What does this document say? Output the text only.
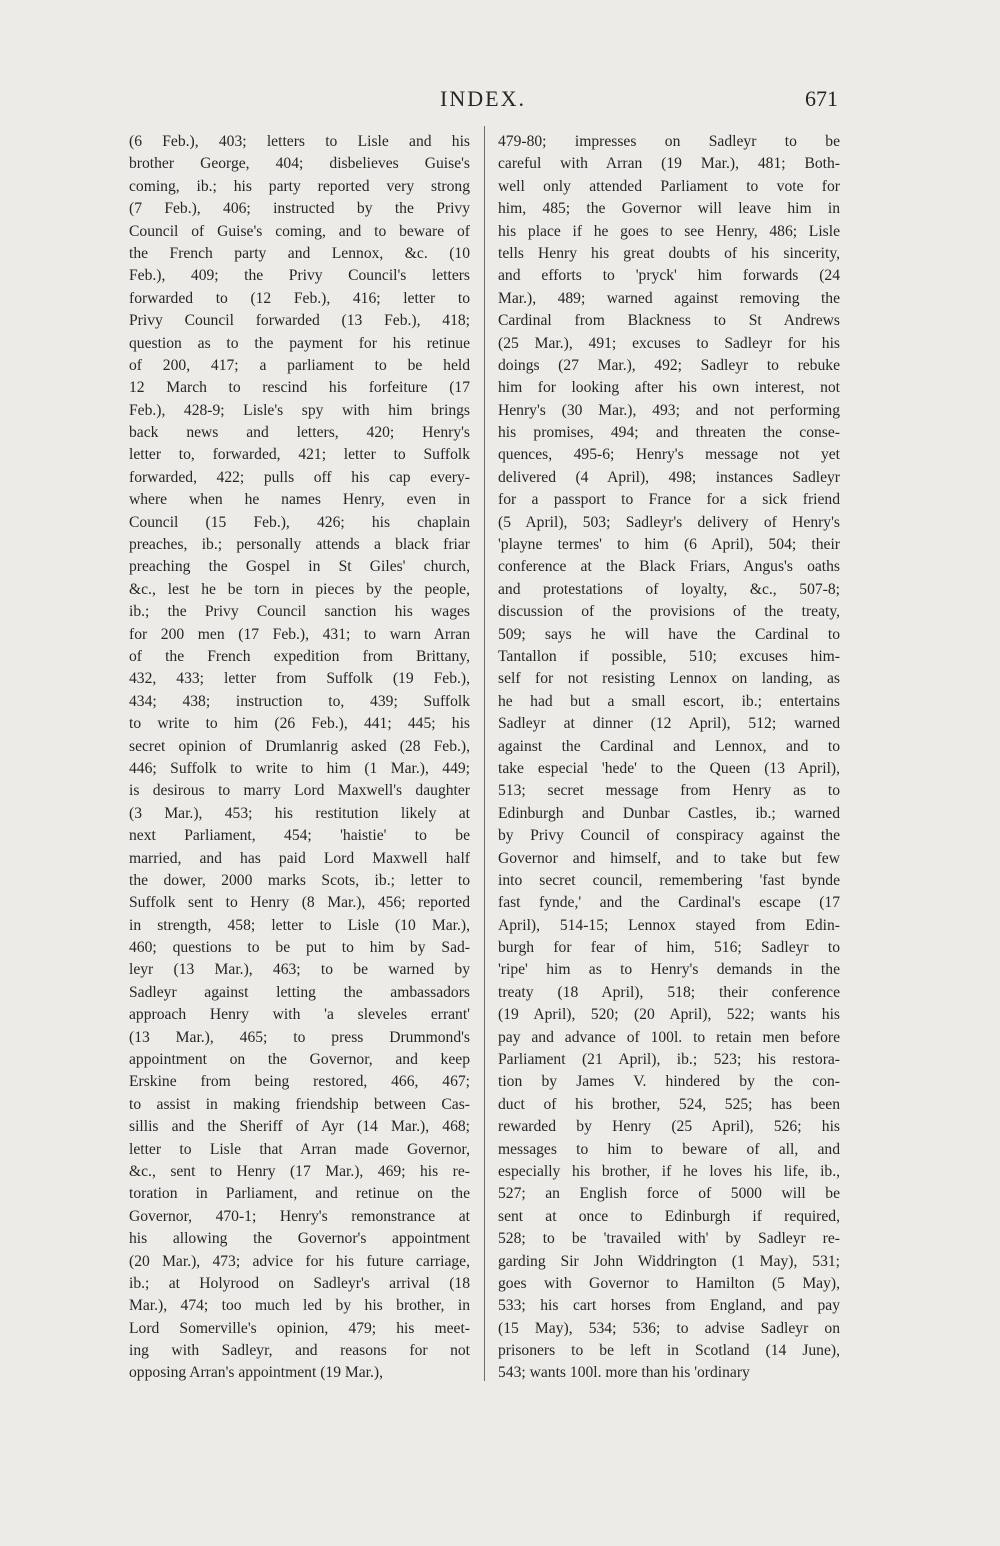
INDEX.	671
(6 Feb.), 403; letters to Lisle and his
brother George, 404; disbelieves Guise's
coming, ib.; his party reported very strong
(7 Feb.), 406; instructed by the Privy
Council of Guise's coming, and to beware of
the French party and Lennox, &c. (10
Feb.), 409; the Privy Council's letters
forwarded to (12 Feb.), 416; letter to
Privy Council forwarded (13 Feb.), 418;
question as to the payment for his retinue
of 200, 417; a parliament to be held
12 March to rescind his forfeiture (17
Feb.), 428-9; Lisle's spy with him brings
back news and letters, 420; Henry's
letter to, forwarded, 421; letter to Suffolk
forwarded, 422; pulls off his cap every-
where when he names Henry, even in
Council (15 Feb.), 426; his chaplain
preaches, ib.; personally attends a black friar
preaching the Gospel in St Giles' church,
&c., lest he be torn in pieces by the people,
ib.; the Privy Council sanction his wages
for 200 men (17 Feb.), 431; to warn Arran
of the French expedition from Brittany,
432, 433; letter from Suffolk (19 Feb.),
434; 438; instruction to, 439; Suffolk
to write to him (26 Feb.), 441; 445; his
secret opinion of Drumlanrig asked (28 Feb.),
446; Suffolk to write to him (1 Mar.), 449;
is desirous to marry Lord Maxwell's daughter
(3 Mar.), 453; his restitution likely at
next Parliament, 454; 'haistie' to be
married, and has paid Lord Maxwell half
the dower, 2000 marks Scots, ib.; letter to
Suffolk sent to Henry (8 Mar.), 456; reported
in strength, 458; letter to Lisle (10 Mar.),
460; questions to be put to him by Sad-
leyr (13 Mar.), 463; to be warned by
Sadleyr against letting the ambassadors
approach Henry with 'a sleveles errant'
(13 Mar.), 465; to press Drummond's
appointment on the Governor, and keep
Erskine from being restored, 466, 467;
to assist in making friendship between Cas-
sillis and the Sheriff of Ayr (14 Mar.), 468;
letter to Lisle that Arran made Governor,
&c., sent to Henry (17 Mar.), 469; his re-
toration in Parliament, and retinue on the
Governor, 470-1; Henry's remonstrance at
his allowing the Governor's appointment
(20 Mar.), 473; advice for his future carriage,
ib.; at Holyrood on Sadleyr's arrival (18
Mar.), 474; too much led by his brother, in
Lord Somerville's opinion, 479; his meet-
ing with Sadleyr, and reasons for not
opposing Arran's appointment (19 Mar.),
479-80; impresses on Sadleyr to be
careful with Arran (19 Mar.), 481; Both-
well only attended Parliament to vote for
him, 485; the Governor will leave him in
his place if he goes to see Henry, 486; Lisle
tells Henry his great doubts of his sincerity,
and efforts to 'pryck' him forwards (24
Mar.), 489; warned against removing the
Cardinal from Blackness to St Andrews
(25 Mar.), 491; excuses to Sadleyr for his
doings (27 Mar.), 492; Sadleyr to rebuke
him for looking after his own interest, not
Henry's (30 Mar.), 493; and not performing
his promises, 494; and threaten the conse-
quences, 495-6; Henry's message not yet
delivered (4 April), 498; instances Sadleyr
for a passport to France for a sick friend
(5 April), 503; Sadleyr's delivery of Henry's
'playne termes' to him (6 April), 504; their
conference at the Black Friars, Angus's oaths
and protestations of loyalty, &c., 507-8;
discussion of the provisions of the treaty,
509; says he will have the Cardinal to
Tantallon if possible, 510; excuses him-
self for not resisting Lennox on landing, as
he had but a small escort, ib.; entertains
Sadleyr at dinner (12 April), 512; warned
against the Cardinal and Lennox, and to
take especial 'hede' to the Queen (13 April),
513; secret message from Henry as to
Edinburgh and Dunbar Castles, ib.; warned
by Privy Council of conspiracy against the
Governor and himself, and to take but few
into secret council, remembering 'fast bynde
fast fynde,' and the Cardinal's escape (17
April), 514-15; Lennox stayed from Edin-
burgh for fear of him, 516; Sadleyr to
'ripe' him as to Henry's demands in the
treaty (18 April), 518; their conference
(19 April), 520; (20 April), 522; wants his
pay and advance of 100l. to retain men before
Parliament (21 April), ib.; 523; his restora-
tion by James V. hindered by the con-
duct of his brother, 524, 525; has been
rewarded by Henry (25 April), 526; his
messages to him to beware of all, and
especially his brother, if he loves his life, ib.,
527; an English force of 5000 will be
sent at once to Edinburgh if required,
528; to be 'travailed with' by Sadleyr re-
garding Sir John Widdrington (1 May), 531;
goes with Governor to Hamilton (5 May),
533; his cart horses from England, and pay
(15 May), 534; 536; to advise Sadleyr on
prisoners to be left in Scotland (14 June),
543; wants 100l. more than his 'ordinary
